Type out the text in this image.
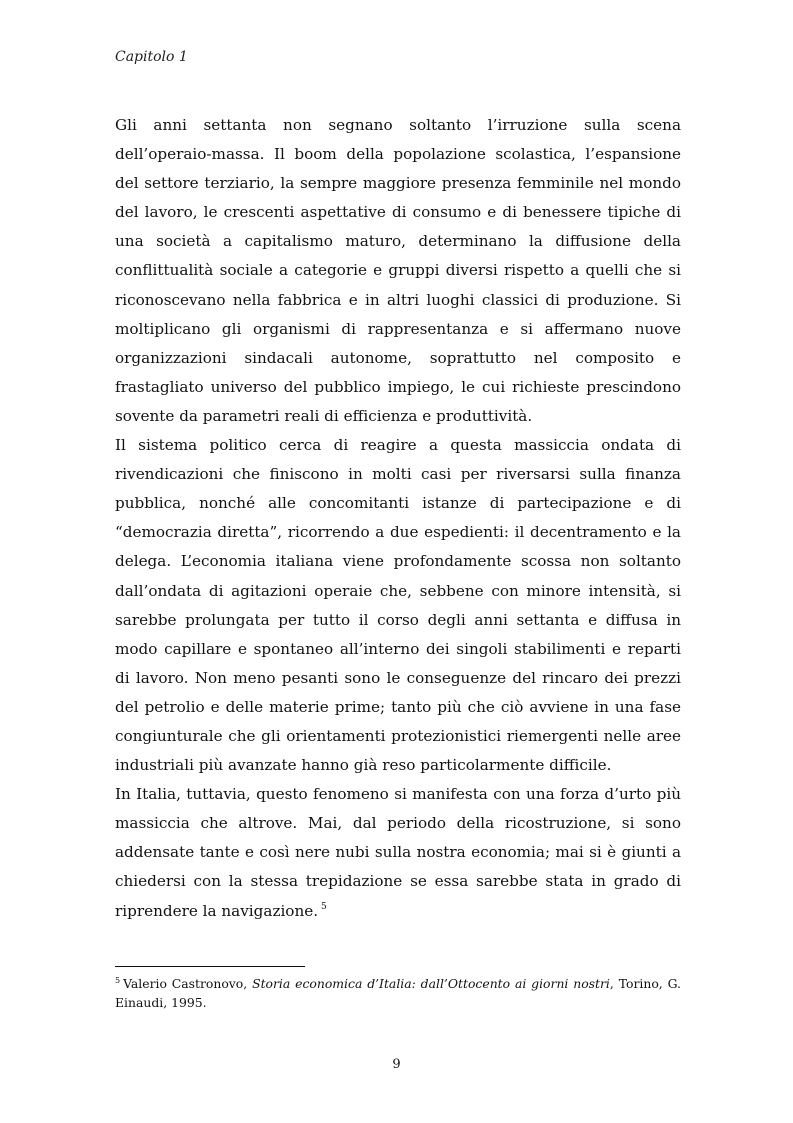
Capitolo 1

Gli anni settanta non segnano soltanto l’irruzione sulla scena dell’operaio-massa. Il boom della popolazione scolastica, l’espansione del settore terziario, la sempre maggiore presenza femminile nel mondo del lavoro, le crescenti aspettative di consumo e di benessere tipiche di una società a capitalismo maturo, determinano la diffusione della conflittualità sociale a categorie e gruppi diversi rispetto a quelli che si riconoscevano nella fabbrica e in altri luoghi classici di produzione. Si moltiplicano gli organismi di rappresentanza e si affermano nuove organizzazioni sindacali autonome, soprattutto nel composito e frastagliato universo del pubblico impiego, le cui richieste prescindono sovente da parametri reali di efficienza e produttività.

Il sistema politico cerca di reagire a questa massiccia ondata di rivendicazioni che finiscono in molti casi per riversarsi sulla finanza pubblica, nonché alle concomitanti istanze di partecipazione e di “democrazia diretta”, ricorrendo a due espedienti: il decentramento e la delega. L’economia italiana viene profondamente scossa non soltanto dall’ondata di agitazioni operaie che, sebbene con minore intensità, si sarebbe prolungata per tutto il corso degli anni settanta e diffusa in modo capillare e spontaneo all’interno dei singoli stabilimenti e reparti di lavoro. Non meno pesanti sono le conseguenze del rincaro dei prezzi del petrolio e delle materie prime; tanto più che ciò avviene in una fase congiunturale che gli orientamenti protezionistici riemergenti nelle aree industriali più avanzate hanno già reso particolarmente difficile.

In Italia, tuttavia, questo fenomeno si manifesta con una forza d’urto più massiccia che altrove. Mai, dal periodo della ricostruzione, si sono addensate tante e così nere nubi sulla nostra economia; mai si è giunti a chiedersi con la stessa trepidazione se essa sarebbe stata in grado di riprendere la navigazione. $^5$

$^5$ Valerio Castronovo, Storia economica d’Italia: dall’Ottocento ai giorni nostri, Torino, G. Einaudi, 1995.

9
